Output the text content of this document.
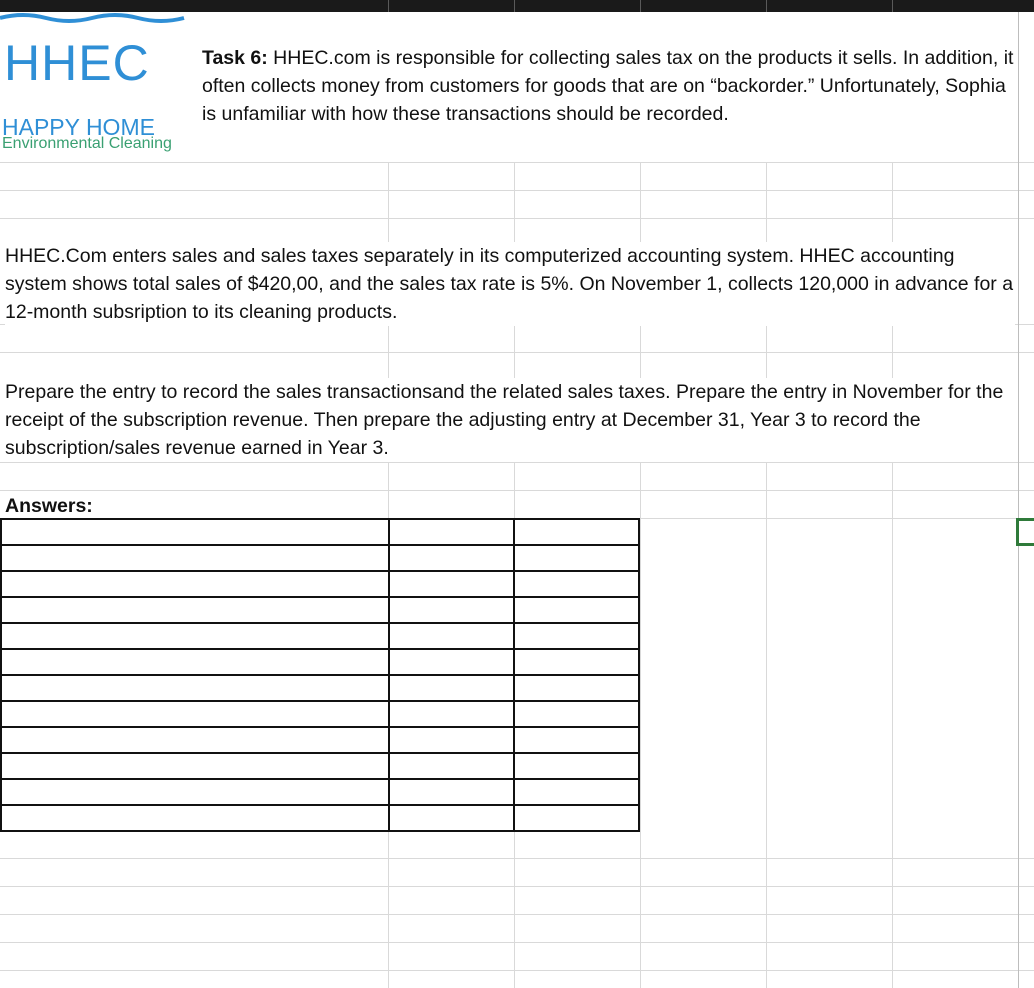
HHEC
HAPPY HOME
Environmental Cleaning
Task 6: HHEC.com is responsible for collecting sales tax on the products it sells. In addition, it often collects money from customers for goods that are on “backorder.” Unfortunately, Sophia is unfamiliar with how these transactions should be recorded.
HHEC.Com enters sales and sales taxes separately in its computerized accounting system. HHEC accounting system shows total sales of $420,00, and the sales tax rate is 5%. On November 1, collects 120,000 in advance for a 12-month subsription to its cleaning products.
Prepare the entry to record the sales transactionsand the related sales taxes. Prepare the entry in November for the receipt of the subscription revenue. Then prepare the adjusting entry at December 31, Year 3 to record the subscription/sales revenue earned in Year 3.
Answers:
